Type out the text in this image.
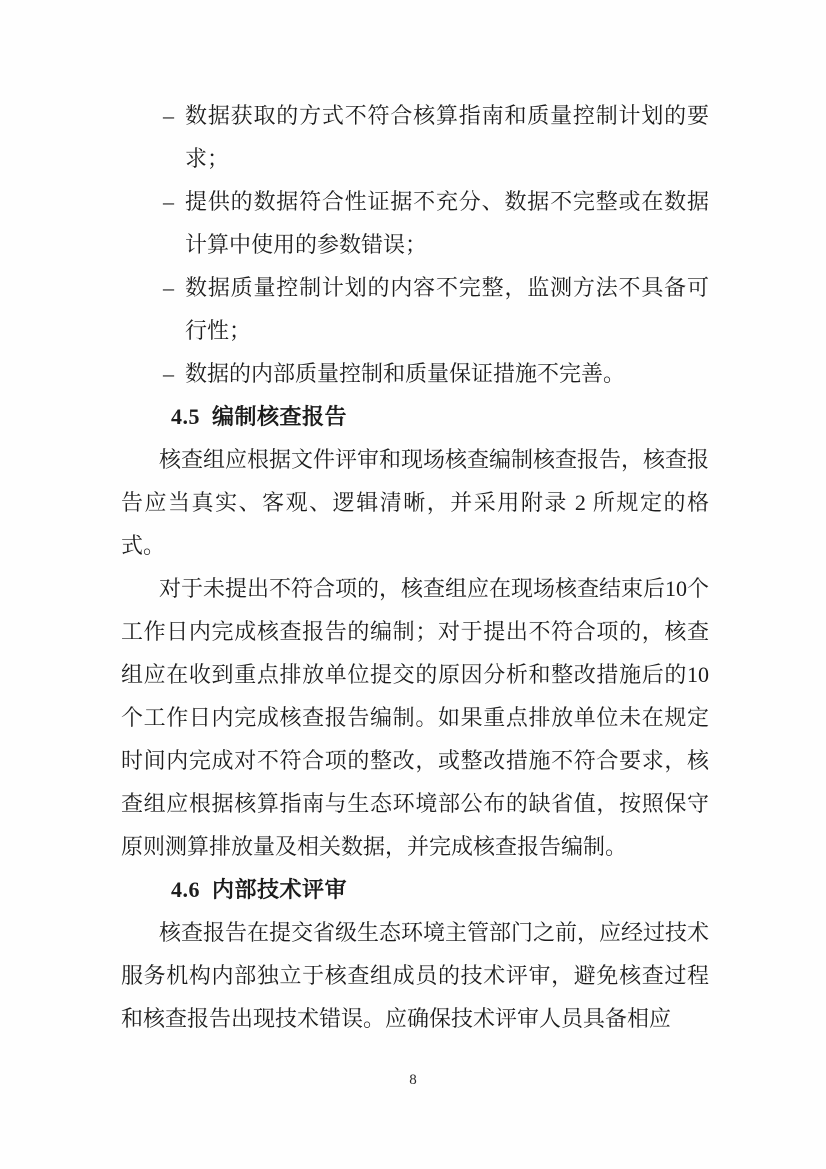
– 数据获取的方式不符合核算指南和质量控制计划的要求；
– 提供的数据符合性证据不充分、数据不完整或在数据计算中使用的参数错误；
– 数据质量控制计划的内容不完整，监测方法不具备可行性；
– 数据的内部质量控制和质量保证措施不完善。
4.5 编制核查报告
核查组应根据文件评审和现场核查编制核查报告，核查报告应当真实、客观、逻辑清晰，并采用附录 2 所规定的格式。
对于未提出不符合项的，核查组应在现场核查结束后10个工作日内完成核查报告的编制；对于提出不符合项的，核查组应在收到重点排放单位提交的原因分析和整改措施后的10个工作日内完成核查报告编制。如果重点排放单位未在规定时间内完成对不符合项的整改，或整改措施不符合要求，核查组应根据核算指南与生态环境部公布的缺省值，按照保守原则测算排放量及相关数据，并完成核查报告编制。
4.6 内部技术评审
核查报告在提交省级生态环境主管部门之前，应经过技术服务机构内部独立于核查组成员的技术评审，避免核查过程和核查报告出现技术错误。应确保技术评审人员具备相应
8
